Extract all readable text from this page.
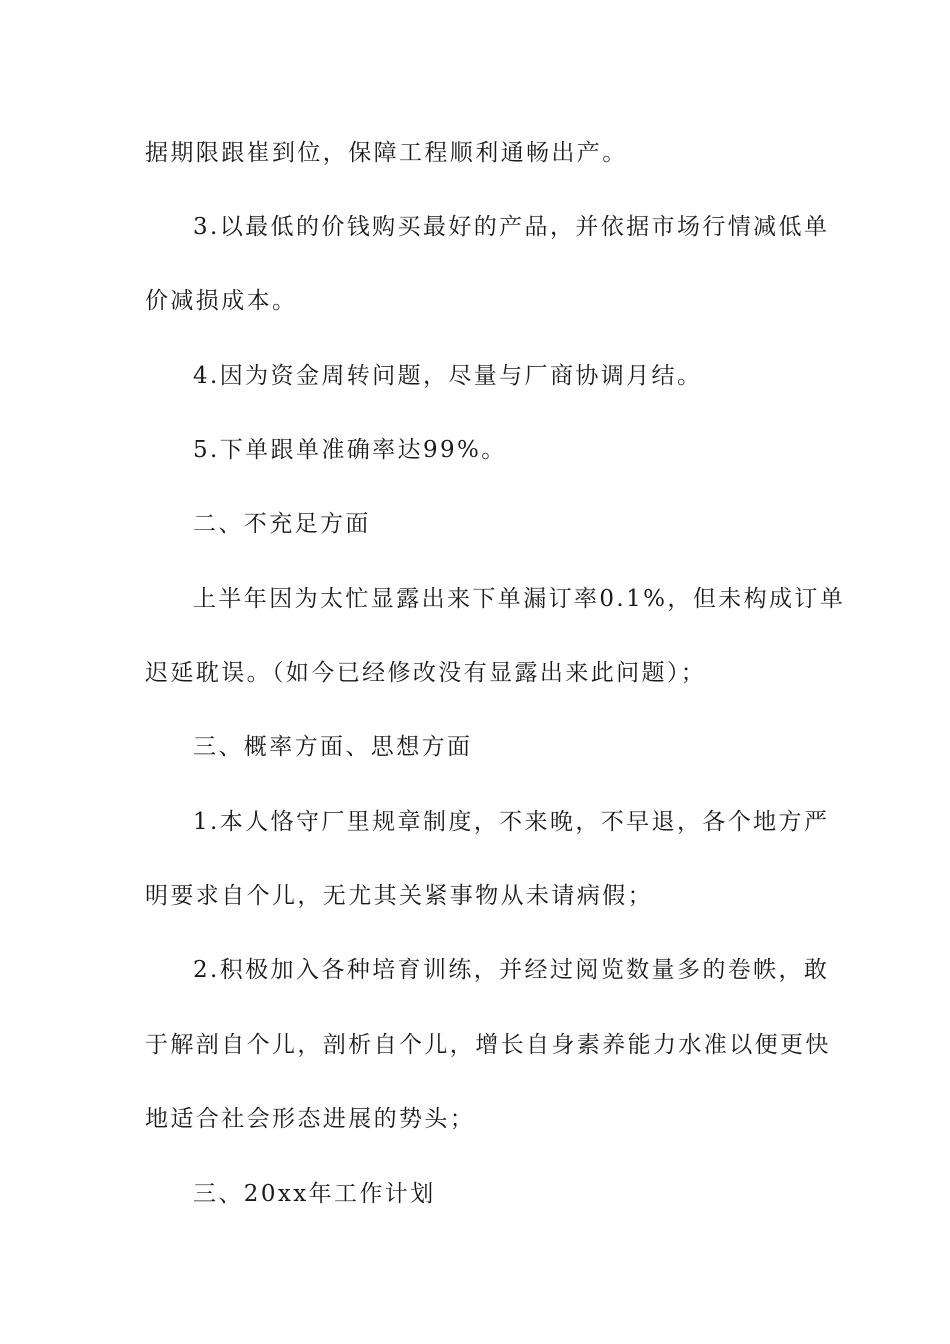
据期限跟崔到位，保障工程顺利通畅出产。
3.以最低的价钱购买最好的产品，并依据市场行情减低单
价减损成本。
4.因为资金周转问题，尽量与厂商协调月结。
5.下单跟单准确率达99%。
二、不充足方面
上半年因为太忙显露出来下单漏订率0.1%，但未构成订单
迟延耽误。（如今已经修改没有显露出来此问题）；
三、概率方面、思想方面
1.本人恪守厂里规章制度，不来晚，不早退，各个地方严
明要求自个儿，无尤其关紧事物从未请病假；
2.积极加入各种培育训练，并经过阅览数量多的卷帙，敢
于解剖自个儿，剖析自个儿，增长自身素养能力水准以便更快
地适合社会形态进展的势头；
三、20xx年工作计划
